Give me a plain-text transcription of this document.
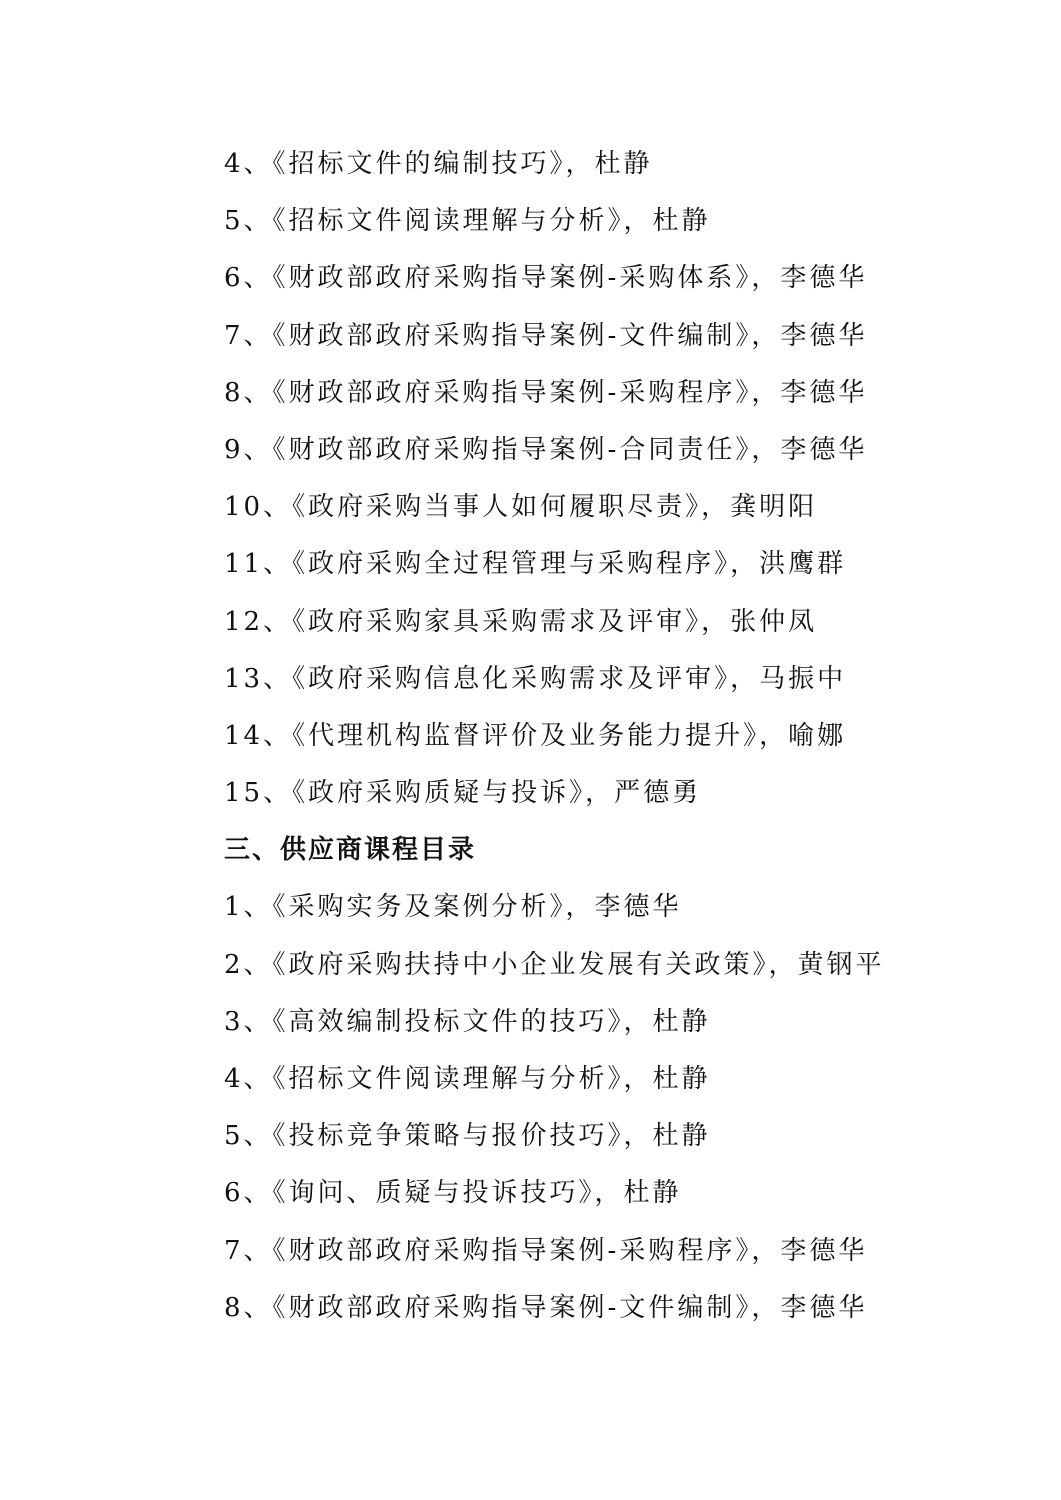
4、《招标文件的编制技巧》，杜静
5、《招标文件阅读理解与分析》，杜静
6、《财政部政府采购指导案例-采购体系》，李德华
7、《财政部政府采购指导案例-文件编制》，李德华
8、《财政部政府采购指导案例-采购程序》，李德华
9、《财政部政府采购指导案例-合同责任》，李德华
10、《政府采购当事人如何履职尽责》，龚明阳
11、《政府采购全过程管理与采购程序》，洪鹰群
12、《政府采购家具采购需求及评审》，张仲凤
13、《政府采购信息化采购需求及评审》，马振中
14、《代理机构监督评价及业务能力提升》，喻娜
15、《政府采购质疑与投诉》，严德勇
三、供应商课程目录
1、《采购实务及案例分析》，李德华
2、《政府采购扶持中小企业发展有关政策》，黄钢平
3、《高效编制投标文件的技巧》，杜静
4、《招标文件阅读理解与分析》，杜静
5、《投标竞争策略与报价技巧》，杜静
6、《询问、质疑与投诉技巧》，杜静
7、《财政部政府采购指导案例-采购程序》，李德华
8、《财政部政府采购指导案例-文件编制》，李德华
